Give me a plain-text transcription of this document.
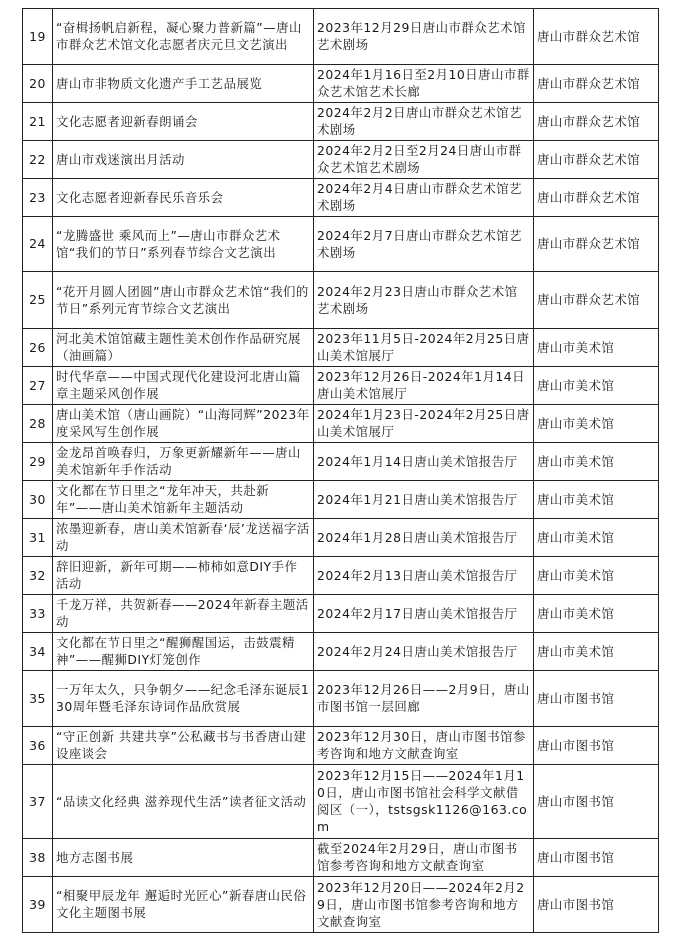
19	“奋楫扬帆启新程，凝心聚力普新篇”—唐山市群众艺术馆文化志愿者庆元旦文艺演出	2023年12月29日唐山市群众艺术馆艺术剧场	唐山市群众艺术馆
20	唐山市非物质文化遗产手工艺品展览	2024年1月16日至2月10日唐山市群众艺术馆艺术长廊	唐山市群众艺术馆
21	文化志愿者迎新春朗诵会	2024年2月2日唐山市群众艺术馆艺术剧场	唐山市群众艺术馆
22	唐山市戏迷演出月活动	2024年2月2日至2月24日唐山市群众艺术馆艺术剧场	唐山市群众艺术馆
23	文化志愿者迎新春民乐音乐会	2024年2月4日唐山市群众艺术馆艺术剧场	唐山市群众艺术馆
24	“龙腾盛世 乘风而上”—唐山市群众艺术馆“我们的节日”系列春节综合文艺演出	2024年2月7日唐山市群众艺术馆艺术剧场	唐山市群众艺术馆
25	“花开月圆人团圆”唐山市群众艺术馆“我们的节日”系列元宵节综合文艺演出	2024年2月23日唐山市群众艺术馆艺术剧场	唐山市群众艺术馆
26	河北美术馆馆藏主题性美术创作作品研究展（油画篇）	2023年11月5日-2024年2月25日唐山美术馆展厅	唐山市美术馆
27	时代华章——中国式现代化建设河北唐山篇章主题采风创作展	2023年12月26日-2024年1月14日唐山美术馆展厅	唐山市美术馆
28	唐山美术馆（唐山画院）“山海同辉”2023年度采风写生创作展	2024年1月23日-2024年2月25日唐山美术馆展厅	唐山市美术馆
29	金龙昂首唤春归，万象更新耀新年——唐山美术馆新年手作活动	2024年1月14日唐山美术馆报告厅	唐山市美术馆
30	文化都在节日里之“龙年冲天，共赴新年”——唐山美术馆新年主题活动	2024年1月21日唐山美术馆报告厅	唐山市美术馆
31	浓墨迎新春，唐山美术馆新春‘辰’龙送福字活动	2024年1月28日唐山美术馆报告厅	唐山市美术馆
32	辞旧迎新，新年可期——柿柿如意DIY手作活动	2024年2月13日唐山美术馆报告厅	唐山市美术馆
33	千龙万祥，共贺新春——2024年新春主题活动	2024年2月17日唐山美术馆报告厅	唐山市美术馆
34	文化都在节日里之“醒狮醒国运，击鼓震精神”——醒狮DIY灯笼创作	2024年2月24日唐山美术馆报告厅	唐山市美术馆
35	一万年太久，只争朝夕——纪念毛泽东诞辰130周年暨毛泽东诗词作品欣赏展	2023年12月26日——2月9日，唐山市图书馆一层回廊	唐山市图书馆
36	“守正创新 共建共享”公私藏书与书香唐山建设座谈会	2023年12月30日，唐山市图书馆参考咨询和地方文献查询室	唐山市图书馆
37	“品读文化经典 滋养现代生活”读者征文活动	2023年12月15日——2024年1月10日，唐山市图书馆社会科学文献借阅区（一），tstsgsk1126@163.com	唐山市图书馆
38	地方志图书展	截至2024年2月29日，唐山市图书馆参考咨询和地方文献查询室	唐山市图书馆
39	“相聚甲辰龙年 邂逅时光匠心”新春唐山民俗文化主题图书展	2023年12月20日——2024年2月29日，唐山市图书馆参考咨询和地方文献查询室	唐山市图书馆
